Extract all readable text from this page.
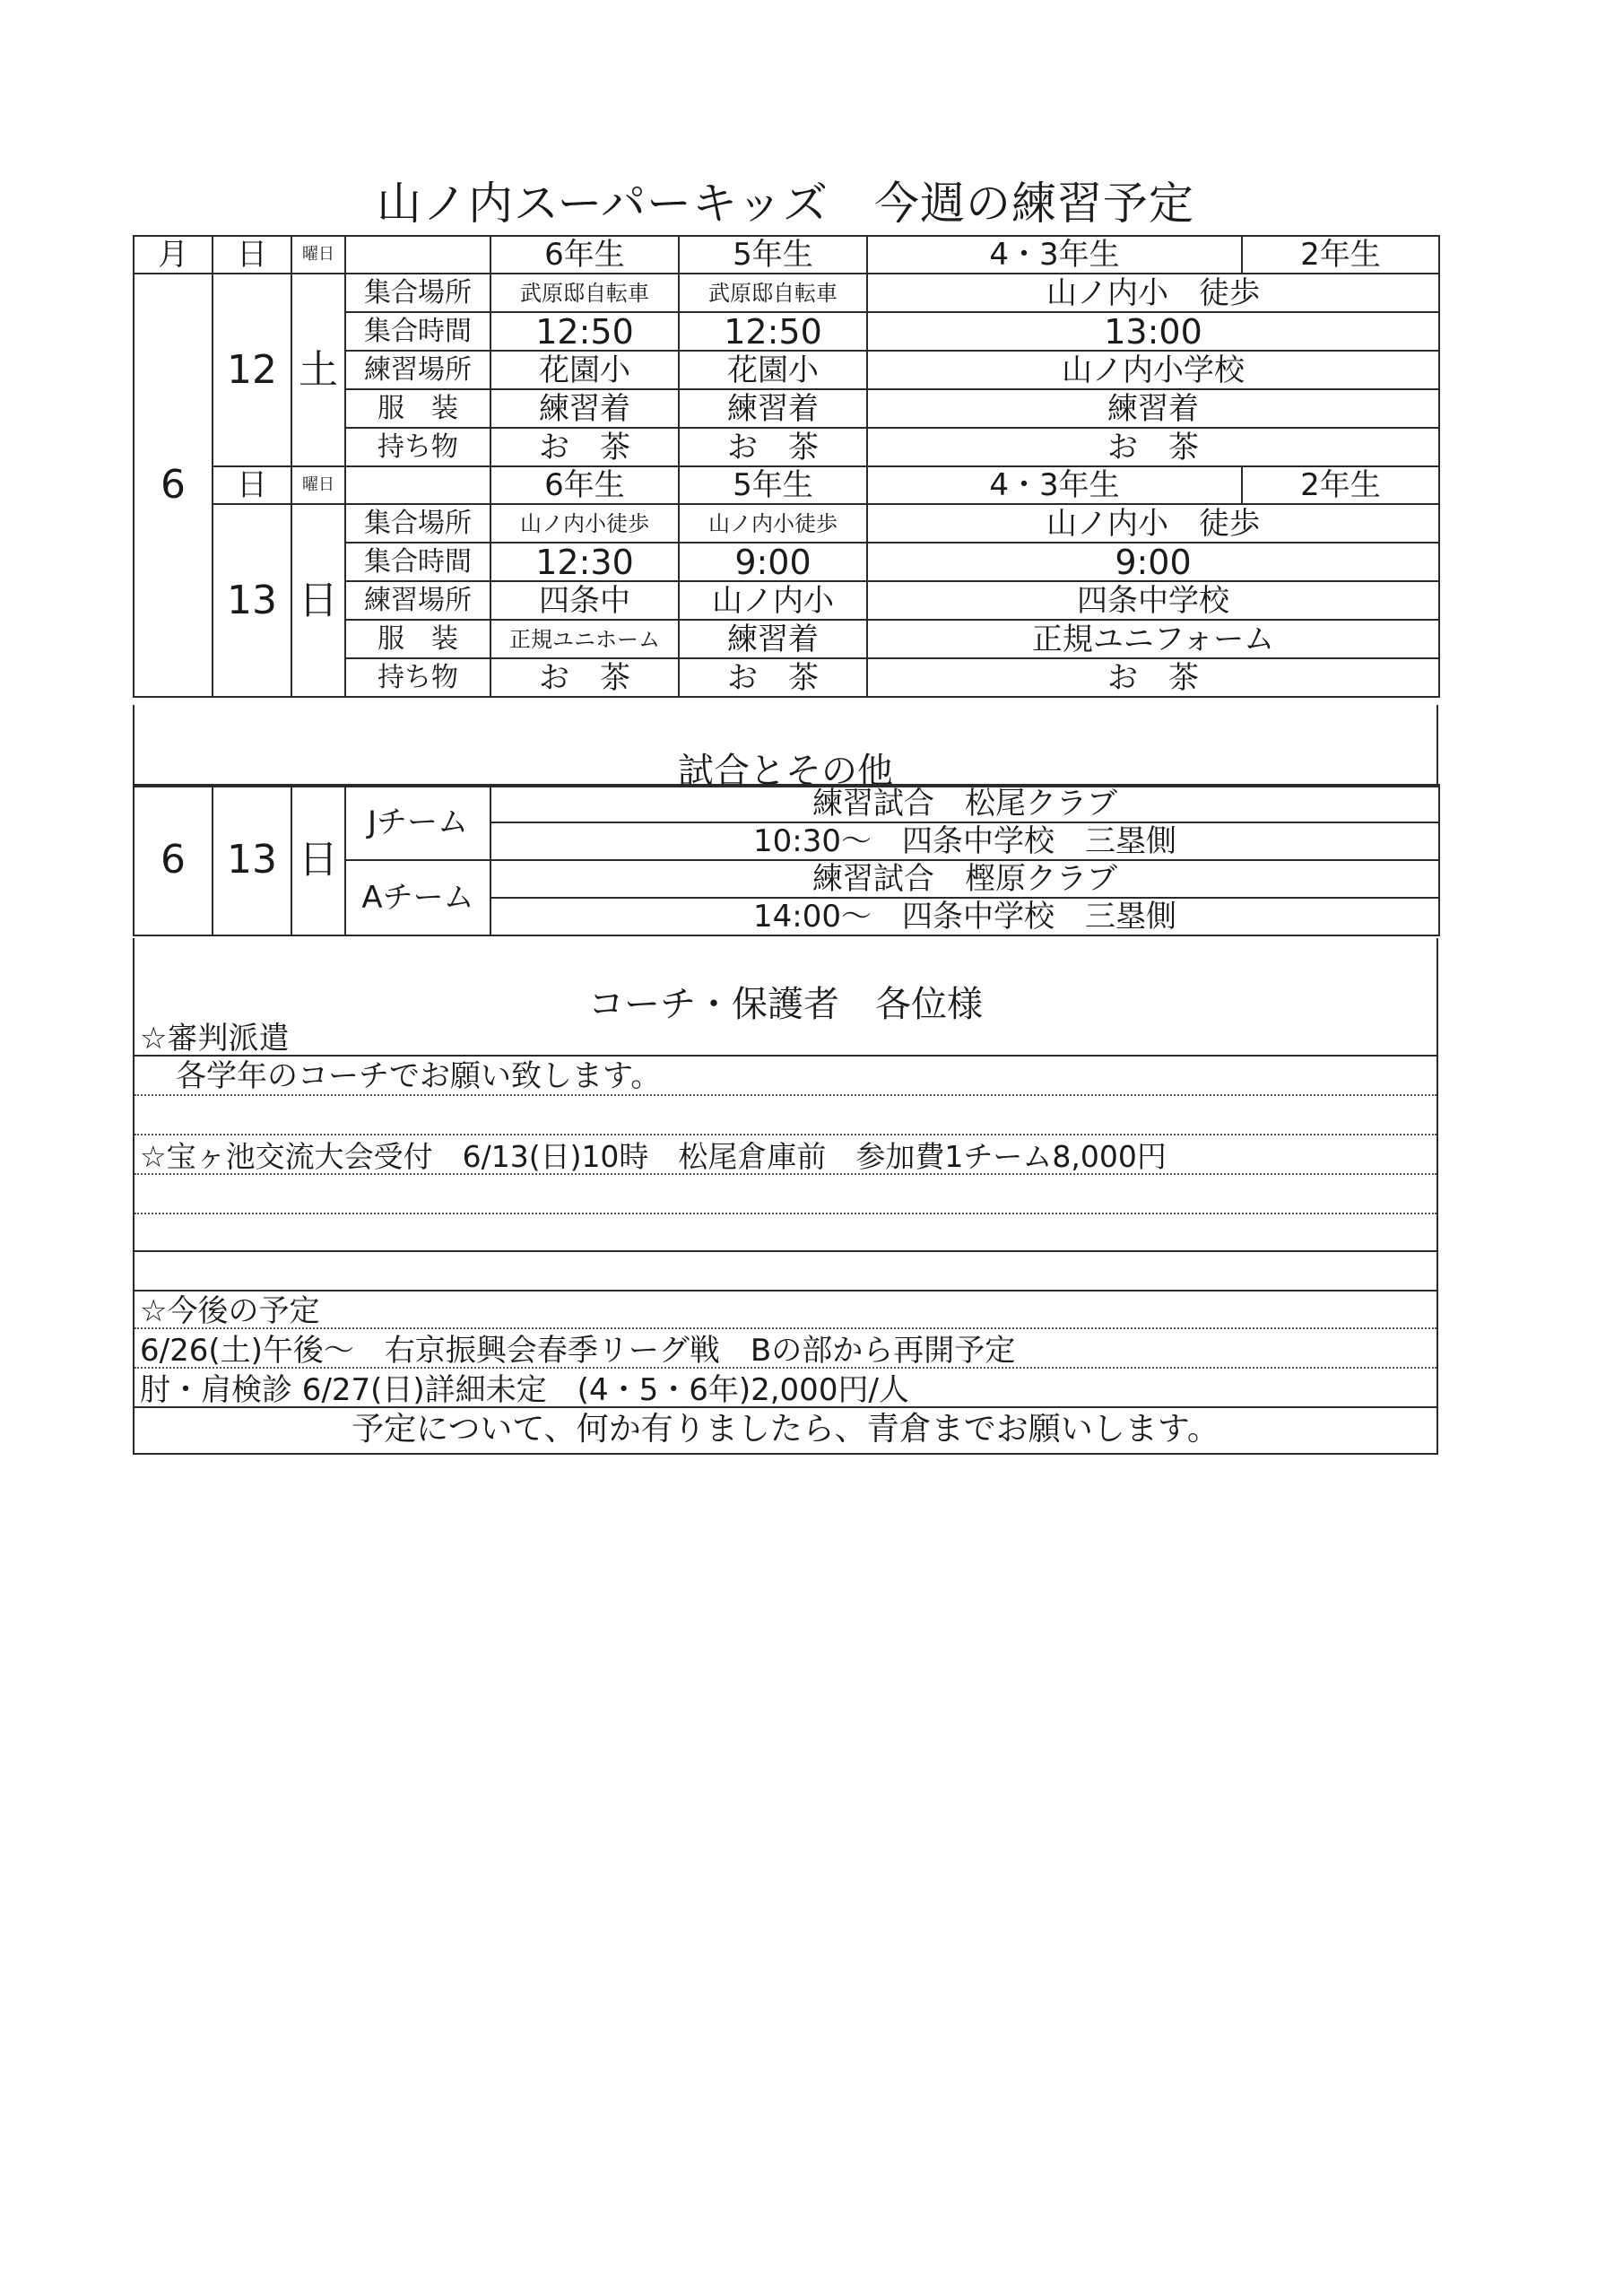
山ノ内スーパーキッズ　今週の練習予定
月	日	曜日		6年生	5年生	4・3年生	2年生
6	12	土	集合場所	武原邸自転車	武原邸自転車	山ノ内小　徒歩	
			集合時間	12:50	12:50	13:00	
			練習場所	花園小	花園小	山ノ内小学校	
			服　装	練習着	練習着	練習着	
			持ち物	お　茶	お　茶	お　茶	
	日	曜日		6年生	5年生	4・3年生	2年生
	13	日	集合場所	山ノ内小徒歩	山ノ内小徒歩	山ノ内小　徒歩	
			集合時間	12:30	9:00	9:00	
			練習場所	四条中	山ノ内小	四条中学校	
			服　装	正規ユニホーム	練習着	正規ユニフォーム	
			持ち物	お　茶	お　茶	お　茶	
試合とその他
6	13	日	Jチーム	練習試合　松尾クラブ
				10:30～　四条中学校　三塁側
			Aチーム	練習試合　樫原クラブ
				14:00～　四条中学校　三塁側
コーチ・保護者　各位様
☆審判派遣
各学年のコーチでお願い致します。
☆宝ヶ池交流大会受付　6/13(日)10時　松尾倉庫前　参加費1チーム8,000円
☆今後の予定
6/26(土)午後～　右京振興会春季リーグ戦　Bの部から再開予定
肘・肩検診 6/27(日)詳細未定　(4・5・6年)2,000円/人
予定について、何か有りましたら、青倉までお願いします。
